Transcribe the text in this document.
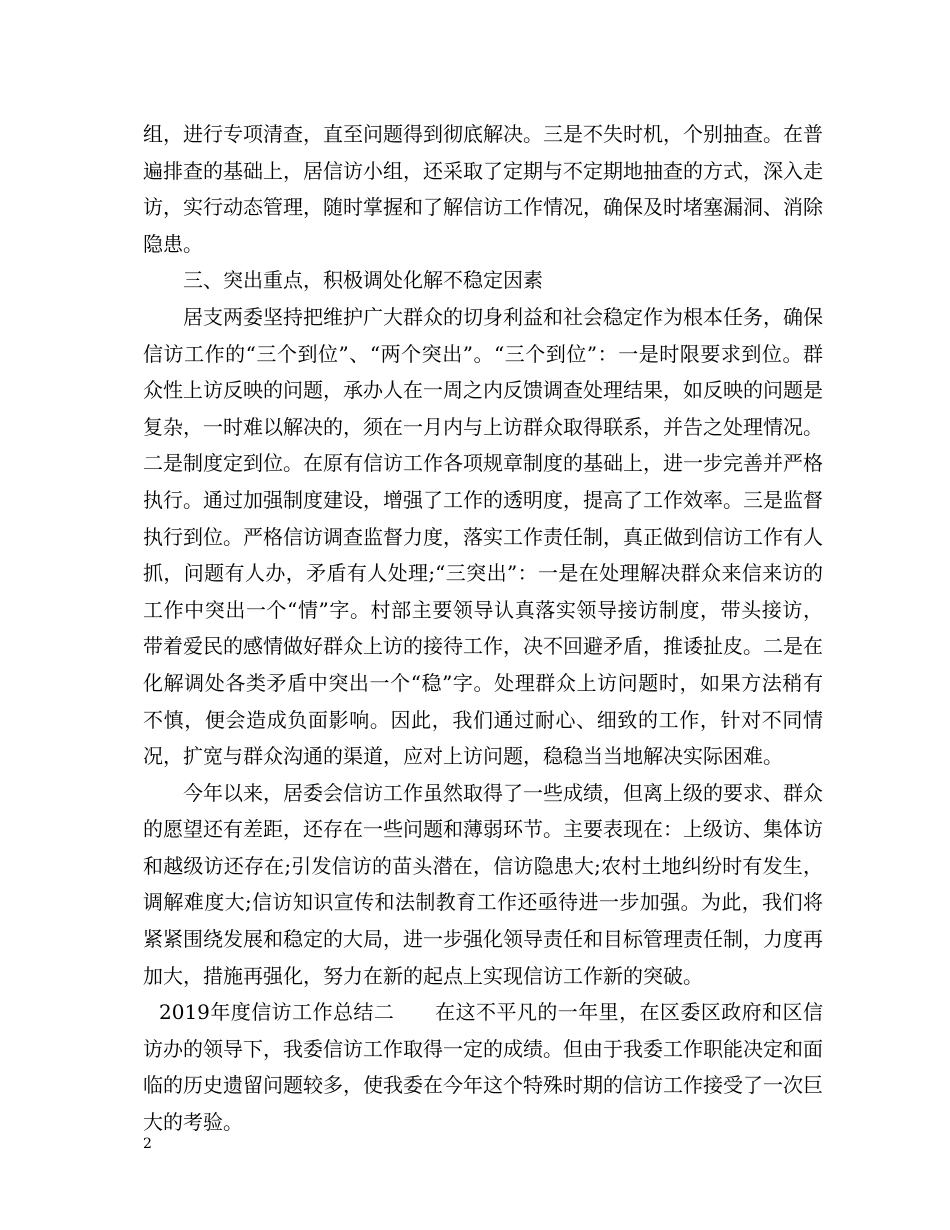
组，进行专项清查，直至问题得到彻底解决。三是不失时机，个别抽查。在普遍排查的基础上，居信访小组，还采取了定期与不定期地抽查的方式，深入走访，实行动态管理，随时掌握和了解信访工作情况，确保及时堵塞漏洞、消除隐患。

三、突出重点，积极调处化解不稳定因素

居支两委坚持把维护广大群众的切身利益和社会稳定作为根本任务，确保信访工作的“三个到位”、“两个突出”。“三个到位”：一是时限要求到位。群众性上访反映的问题，承办人在一周之内反馈调查处理结果，如反映的问题是复杂，一时难以解决的，须在一月内与上访群众取得联系，并告之处理情况。二是制度定到位。在原有信访工作各项规章制度的基础上，进一步完善并严格执行。通过加强制度建设，增强了工作的透明度，提高了工作效率。三是监督执行到位。严格信访调查监督力度，落实工作责任制，真正做到信访工作有人抓，问题有人办，矛盾有人处理;“三突出”：一是在处理解决群众来信来访的工作中突出一个“情”字。村部主要领导认真落实领导接访制度，带头接访，带着爱民的感情做好群众上访的接待工作，决不回避矛盾，推诿扯皮。二是在化解调处各类矛盾中突出一个“稳”字。处理群众上访问题时，如果方法稍有不慎，便会造成负面影响。因此，我们通过耐心、细致的工作，针对不同情况，扩宽与群众沟通的渠道，应对上访问题，稳稳当当地解决实际困难。

今年以来，居委会信访工作虽然取得了一些成绩，但离上级的要求、群众的愿望还有差距，还存在一些问题和薄弱环节。主要表现在：上级访、集体访和越级访还存在;引发信访的苗头潜在，信访隐患大;农村土地纠纷时有发生，调解难度大;信访知识宣传和法制教育工作还亟待进一步加强。为此，我们将紧紧围绕发展和稳定的大局，进一步强化领导责任和目标管理责任制，力度再加大，措施再强化，努力在新的起点上实现信访工作新的突破。

2019年度信访工作总结二　　在这不平凡的一年里，在区委区政府和区信访办的领导下，我委信访工作取得一定的成绩。但由于我委工作职能决定和面临的历史遗留问题较多，使我委在今年这个特殊时期的信访工作接受了一次巨大的考验。

2
